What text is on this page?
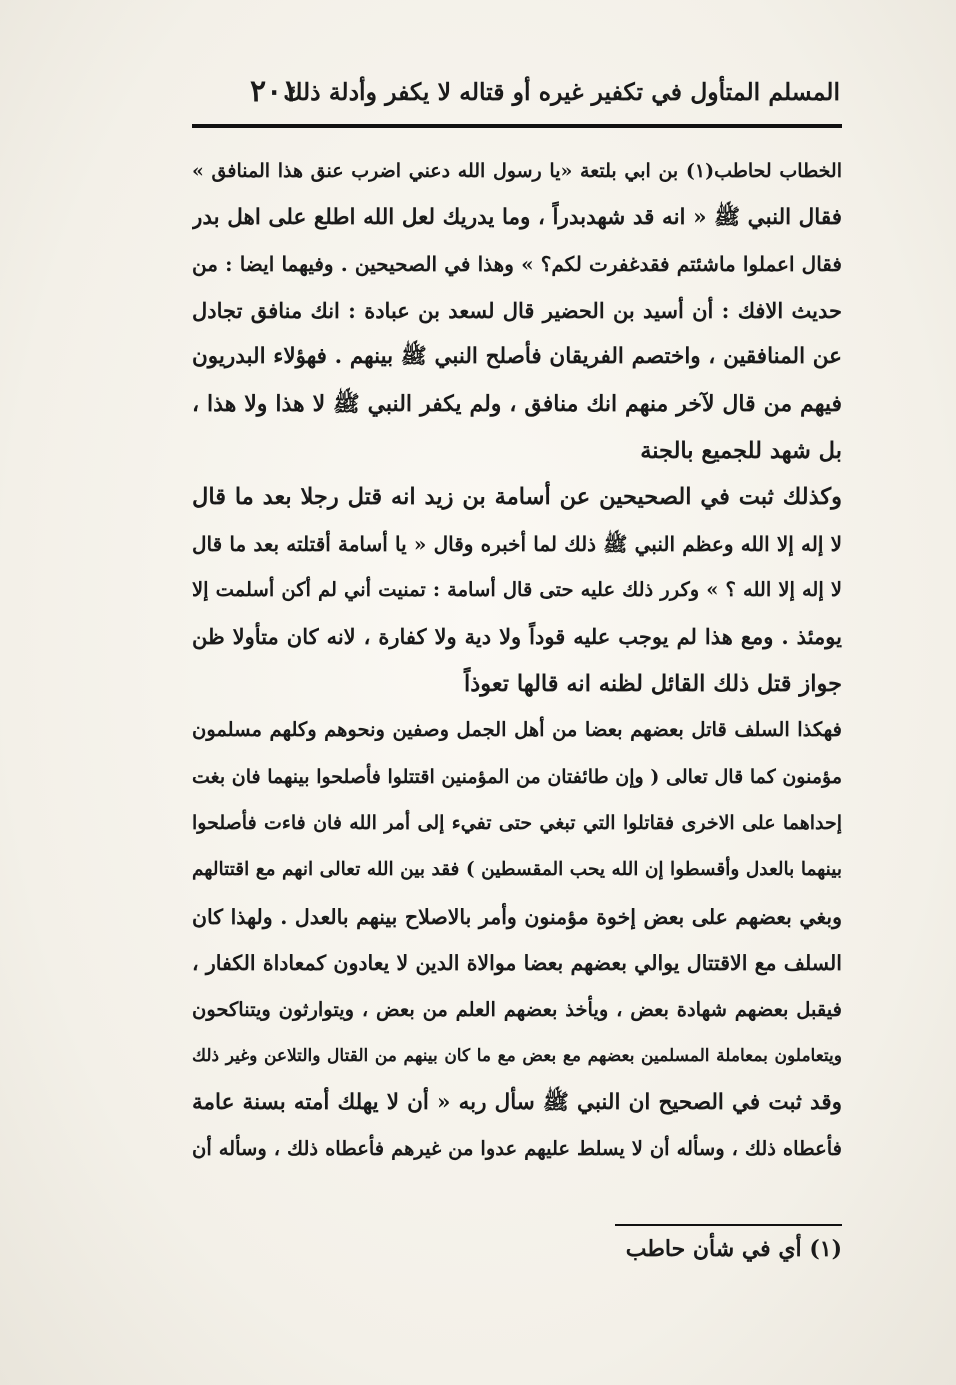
المسلم المتأول في تكفير غيره أو قتاله لا يكفر وأدلة ذلك
٢٠١
الخطاب لحاطب(١) بن ابي بلتعة «يا رسول الله دعني اضرب عنق هذا المنافق »
فقال النبي ﷺ « انه قد شهدبدراً ، وما يدريك لعل الله اطلع على اهل بدر
فقال اعملوا ماشئتم فقدغفرت لكم؟ » وهذا في الصحيحين . وفيهما ايضا : من
حديث الافك : أن أسيد بن الحضير قال لسعد بن عبادة : انك منافق تجادل
عن المنافقين ، واختصم الفريقان فأصلح النبي ﷺ بينهم . فهؤلاء البدريون
فيهم من قال لآخر منهم انك منافق ، ولم يكفر النبي ﷺ لا هذا ولا هذا ،
بل شهد للجميع بالجنة
وكذلك ثبت في الصحيحين عن أسامة بن زيد انه قتل رجلا بعد ما قال
لا إله إلا الله وعظم النبي ﷺ ذلك لما أخبره وقال « يا أسامة أقتلته بعد ما قال
لا إله إلا الله ؟ » وكرر ذلك عليه حتى قال أسامة : تمنيت أني لم أكن أسلمت إلا
يومئذ . ومع هذا لم يوجب عليه قوداً ولا دية ولا كفارة ، لانه كان متأولا ظن
جواز قتل ذلك القائل لظنه انه قالها تعوذاً
فهكذا السلف قاتل بعضهم بعضا من أهل الجمل وصفين ونحوهم وكلهم مسلمون
مؤمنون كما قال تعالى ( وإن طائفتان من المؤمنين اقتتلوا فأصلحوا بينهما فان بغت
إحداهما على الاخرى فقاتلوا التي تبغي حتى تفيء إلى أمر الله فان فاءت فأصلحوا
بينهما بالعدل وأقسطوا إن الله يحب المقسطين ) فقد بين الله تعالى انهم مع اقتتالهم
وبغي بعضهم على بعض إخوة مؤمنون وأمر بالاصلاح بينهم بالعدل . ولهذا كان
السلف مع الاقتتال يوالي بعضهم بعضا موالاة الدين لا يعادون كمعاداة الكفار ،
فيقبل بعضهم شهادة بعض ، ويأخذ بعضهم العلم من بعض ، ويتوارثون ويتناكحون
ويتعاملون بمعاملة المسلمين بعضهم مع بعض مع ما كان بينهم من القتال والتلاعن وغير ذلك
وقد ثبت في الصحيح ان النبي ﷺ سأل ربه « أن لا يهلك أمته بسنة عامة
فأعطاه ذلك ، وسأله أن لا يسلط عليهم عدوا من غيرهم فأعطاه ذلك ، وسأله أن
(١) أي في شأن حاطب
